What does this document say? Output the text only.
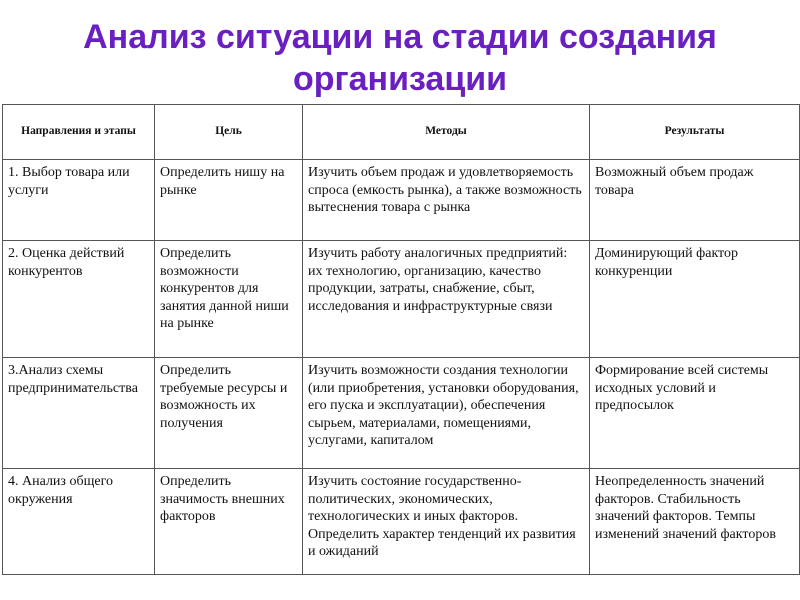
Анализ ситуации на стадии создания
организации
Направления и этапы	Цель	Методы	Результаты
1. Выбор товара или услуги	Определить нишу на рынке	Изучить объем продаж и удовлетворяемость спроса (емкость рынка), а также возможность вытеснения товара с рынка	Возможный объем продаж товара
2. Оценка действий конкурентов	Определить возможности конкурентов для занятия данной ниши на рынке	Изучить работу аналогичных предприятий: их технологию, организацию, качество продукции, затраты, снабжение, сбыт, исследования и инфраструктурные связи	Доминирующий фактор конкуренции
3.Анализ схемы предпринимательства	Определить требуемые ресурсы и возможность их получения	Изучить возможности создания технологии (или приобретения, установки оборудования, его пуска и эксплуатации), обеспечения сырьем, материалами, помещениями, услугами, капиталом	Формирование всей системы исходных условий и предпосылок
4. Анализ общего окружения	Определить значимость внешних факторов	Изучить состояние государственно-политических, экономических, технологических и иных факторов. Определить характер тенденций их развития и ожиданий	Неопределенность значений факторов. Стабильность значений факторов. Темпы изменений значений факторов
